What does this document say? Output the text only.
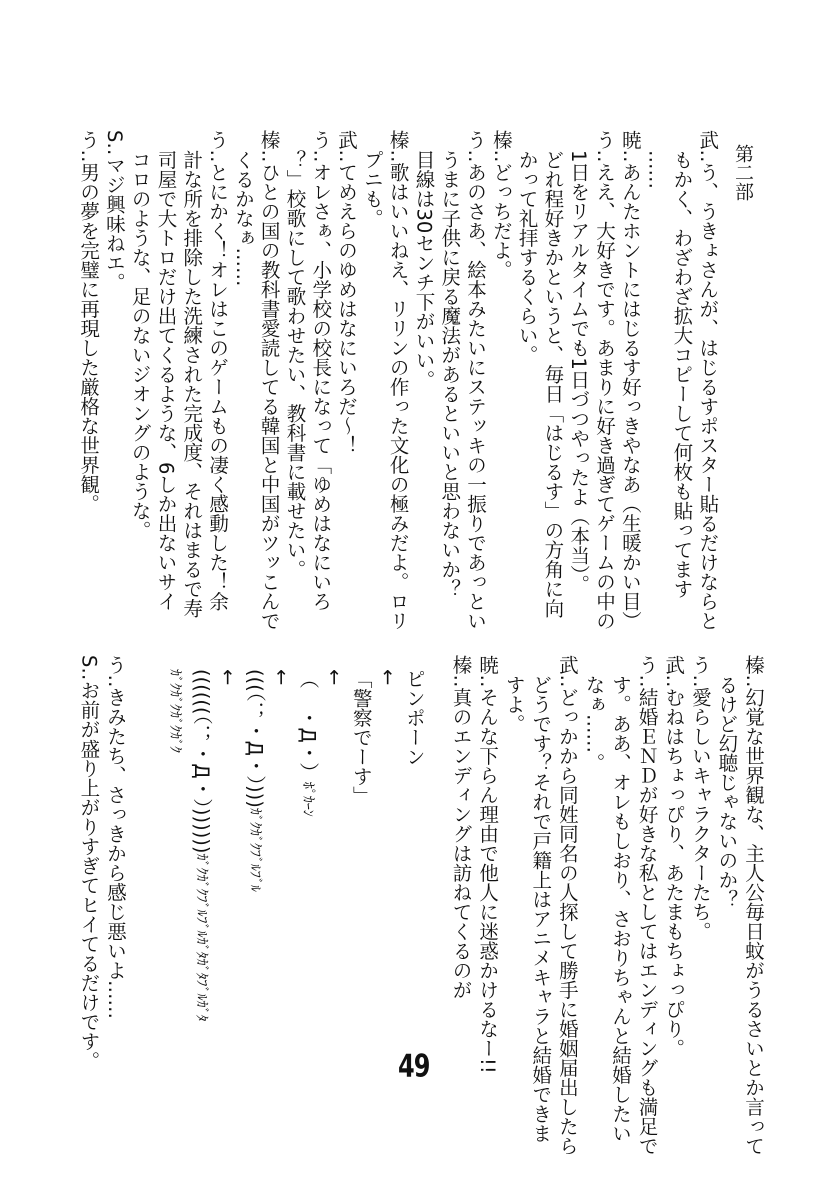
第二部
武‥う、うきょさんが、はじるすポスター貼るだけならと
もかく、わざわざ拡大コピーして何枚も貼ってます
……
暁‥あんたホントにはじるす好っきやなあ（生暖かい目）
う‥ええ、大好きです。あまりに好き過ぎてゲームの中の
1日をリアルタイムでも1日づつやったよ（本当）。
どれ程好きかというと、毎日「はじるす」の方角に向
かって礼拝するくらい。
榛‥どっちだよ。
う‥あのさあ、絵本みたいにステッキの一振りであっとい
うまに子供に戻る魔法があるといいと思わないか？
目線は30センチ下がいい。
榛‥歌はいいねえ、リリンの作った文化の極みだよ。ロリ
プニも。
武‥てめえらのゆめはなにいろだ～！
う‥オレさぁ、小学校の校長になって「ゆめはなにいろ
？」校歌にして歌わせたい、教科書に載せたい。
榛‥ひとの国の教科書愛読してる韓国と中国がツッこんで
くるかなぁ……
う‥とにかく！オレはこのゲームもの凄く感動した！余
計な所を排除した洗練された完成度、それはまるで寿
司屋で大トロだけ出てくるような、6しか出ないサイ
コロのような、足のないジオングのような。
S‥マジ興味ねエ。
う‥男の夢を完璧に再現した厳格な世界観。
榛‥幻覚な世界観な、主人公毎日蚊がうるさいとか言って
るけど幻聴じゃないのか？
う‥愛らしいキャラクターたち。
武‥むねはちょっぴり、あたまもちょっぴり。
う‥結婚ＥＮＤが好きな私としてはエンディングも満足で
す。ああ、オレもしおり、さおりちゃんと結婚したい
なぁ……。
武‥どっかから同姓同名の人探して勝手に婚姻届出したら
どうです？それで戸籍上はアニメキャラと結婚できま
すよ。
暁‥そんな下らん理由で他人に迷惑かけるなー!!
榛‥真のエンディングは訪ねてくるのが
ピンポーン
←
「警察でーす」
←
（　・Д・）ﾎﾟｶｰﾝ
←
(((（；・Д・）)))ｶﾞｸｶﾞｸﾌﾞﾙﾌﾞﾙ
←
((((((（；・Д・）))))))ｶﾞｸｶﾞｸﾌﾞﾙﾌﾞﾙｶﾞﾀｶﾞﾀﾌﾞﾙｶﾞﾀ
ｶﾞｸｶﾞｸｶﾞｸｶﾞｸ
う‥きみたち、さっきから感じ悪いよ……
S‥お前が盛り上がりすぎてヒイてるだけです。	49
